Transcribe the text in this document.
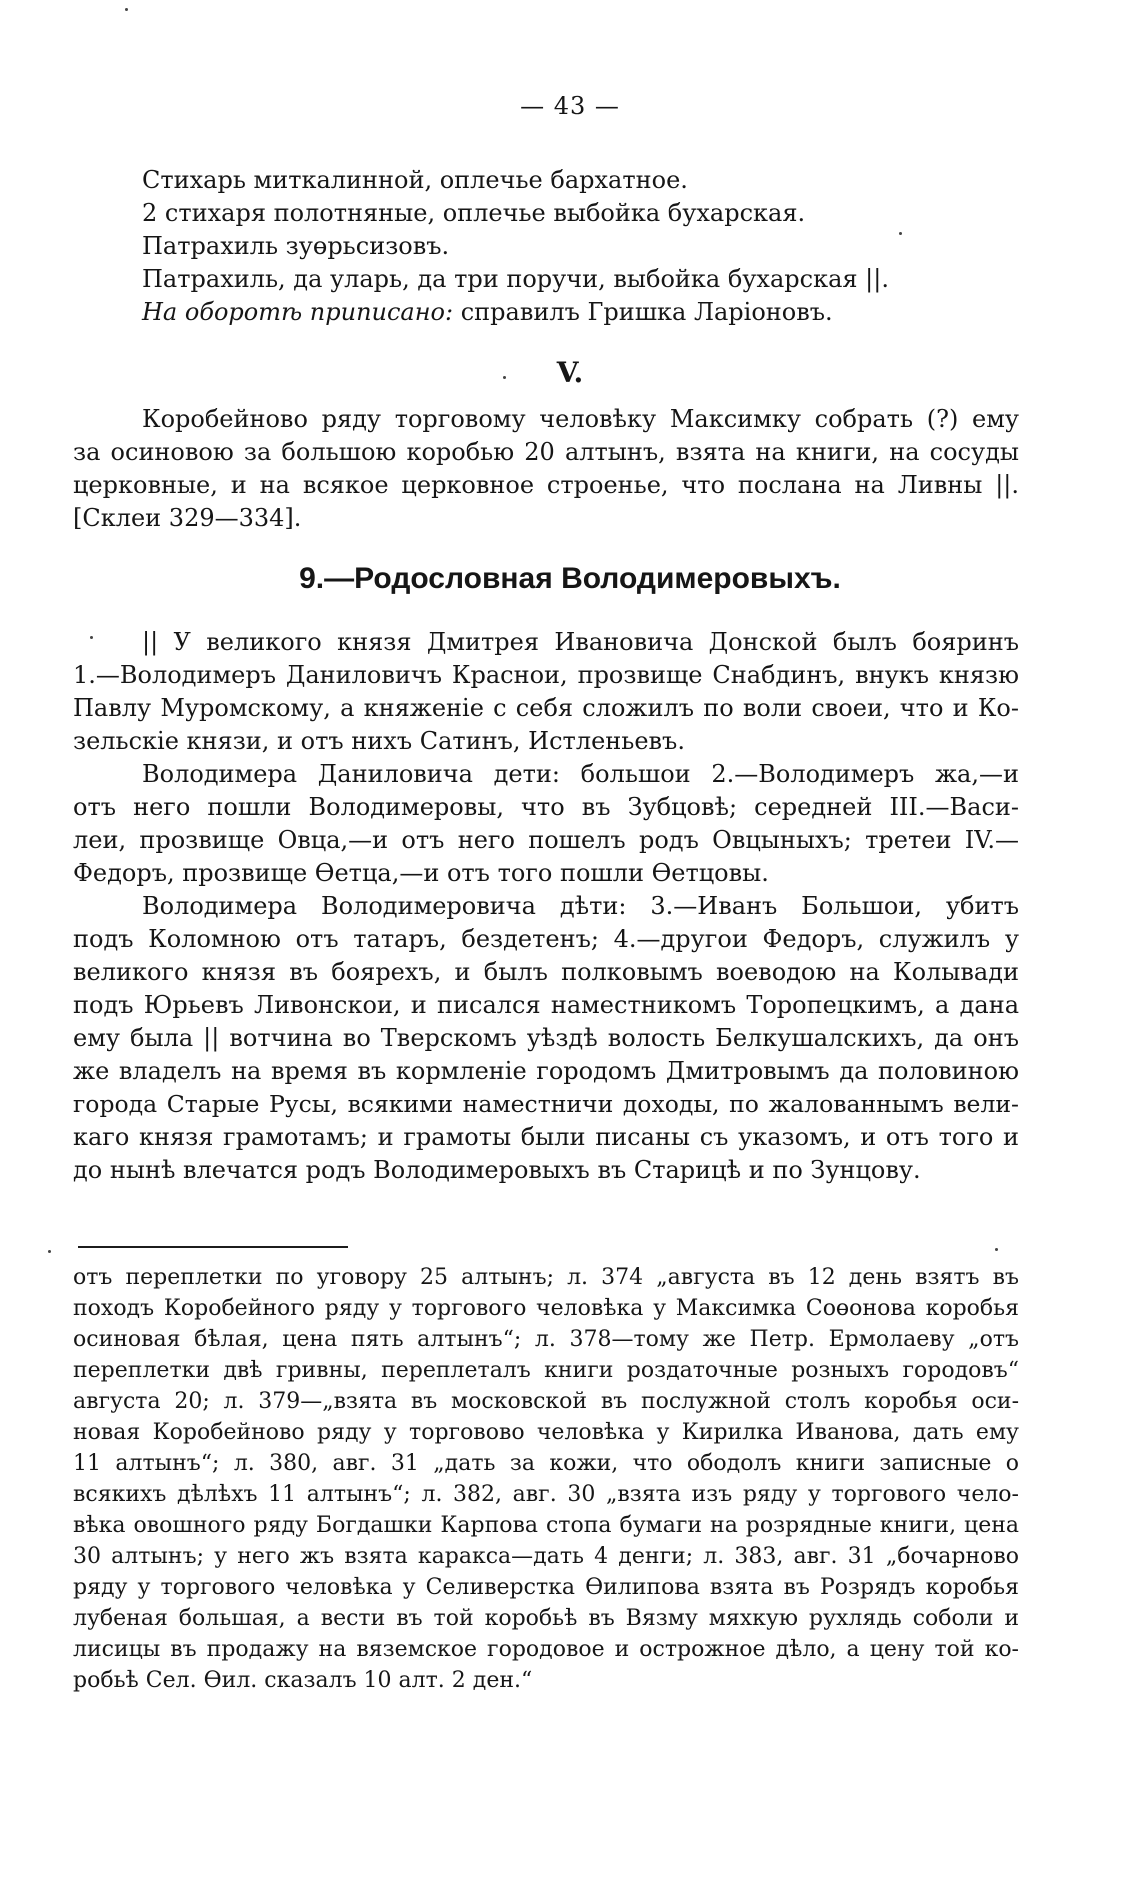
— 43 —
Стихарь миткалинной, оплечье бархатное.
2 стихаря полотняные, оплечье выбойка бухарская.
Патрахиль зуөрьсизовъ.
Патрахиль, да уларь, да три поручи, выбойка бухарская ||.
На оборотѣ приписано: справилъ Гришка Ларіоновъ.
V.
Коробейново ряду торговому человѣку Максимку собрать (?) ему
за осиновою за большою коробью 20 алтынъ, взята на книги, на сосуды
церковные, и на всякое церковное строенье, что послана на Ливны ||.
[Склеи 329—334].
9.—Родословная Володимеровыхъ.
|| У великого князя Дмитрея Ивановича Донской былъ бояринъ
1.—Володимеръ Даниловичъ Краснои, прозвище Снабдинъ, внукъ князю
Павлу Муромскому, а княженіе с себя сложилъ по воли своеи, что и Ко-
зельскіе князи, и отъ нихъ Сатинъ, Истленьевъ.
Володимера Даниловича дети: большои 2.—Володимеръ жа,—и
отъ него пошли Володимеровы, что въ Зубцовѣ; середней III.—Васи-
леи, прозвище Овца,—и отъ него пошелъ родъ Овцыныхъ; третеи IV.—
Федоръ, прозвище Өетца,—и отъ того пошли Өетцовы.
Володимера Володимеровича дѣти: 3.—Иванъ Большои, убитъ
подъ Коломною отъ татаръ, бездетенъ; 4.—другои Федоръ, служилъ у
великого князя въ бояреxъ, и былъ полковымъ воеводою на Колывади
подъ Юрьевъ Ливонскои, и писался наместникомъ Торопецкимъ, а дана
ему была || вотчина во Тверскомъ уѣздѣ волость Белкушалскихъ, да онъ
же владелъ на время въ кормленіе городомъ Дмитровымъ да половиною
города Старые Русы, всякими наместничи доходы, по жалованнымъ вели-
каго князя грамотамъ; и грамоты были писаны съ указомъ, и отъ того и
до нынѣ влечатся родъ Володимеровыхъ въ Старицѣ и по Зунцову.
отъ переплетки по уговору 25 алтынъ; л. 374 „августа въ 12 день взятъ въ
походъ Коробейного ряду у торгового человѣка у Максимка Соөонова коробья
осиновая бѣлая, цена пять алтынъ“; л. 378—тому же Петр. Ермолаеву „отъ
переплетки двѣ гривны, переплеталъ книги роздаточные розныхъ городовъ“
августа 20; л. 379—„взята въ московской въ послужной столъ коробья оси-
новая Коробейново ряду у торговово человѣка у Кирилка Иванова, дать ему
11 алтынъ“; л. 380, авг. 31 „дать за кожи, что ободолъ книги записные о
всякихъ дѣлѣхъ 11 алтынъ“; л. 382, авг. 30 „взята изъ ряду у торгового чело-
вѣка овошного ряду Богдашки Карпова стопа бумаги на розрядные книги, цена
30 алтынъ; у него жъ взята каракса—дать 4 денги; л. 383, авг. 31 „бочарново
ряду у торгового человѣка у Селиверстка Өилипова взята въ Розрядъ коробья
лубеная большая, а вести въ той коробьѣ въ Вязму мяхкую рухлядь соболи и
лисицы въ продажу на вяземское городовое и острожное дѣло, а цену той ко-
робьѣ Сел. Өил. сказалъ 10 алт. 2 ден.“
